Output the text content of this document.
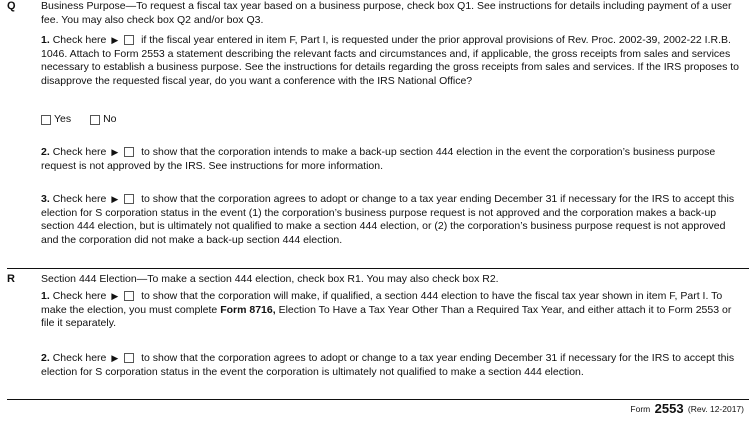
Q Business Purpose—To request a fiscal tax year based on a business purpose, check box Q1. See instructions for details including payment of a user fee. You may also check box Q2 and/or box Q3.
1. Check here ▶ if the fiscal year entered in item F, Part I, is requested under the prior approval provisions of Rev. Proc. 2002-39, 2002-22 I.R.B. 1046. Attach to Form 2553 a statement describing the relevant facts and circumstances and, if applicable, the gross receipts from sales and services necessary to establish a business purpose. See the instructions for details regarding the gross receipts from sales and services. If the IRS proposes to disapprove the requested fiscal year, do you want a conference with the IRS National Office?
Yes
	No
2. Check here ▶ to show that the corporation intends to make a back-up section 444 election in the event the corporation’s business purpose request is not approved by the IRS. See instructions for more information.
3. Check here ▶ to show that the corporation agrees to adopt or change to a tax year ending December 31 if necessary for the IRS to accept this election for S corporation status in the event (1) the corporation’s business purpose request is not approved and the corporation makes a back-up section 444 election, but is ultimately not qualified to make a section 444 election, or (2) the corporation’s business purpose request is not approved and the corporation did not make a back-up section 444 election.
R Section 444 Election—To make a section 444 election, check box R1. You may also check box R2.
1. Check here ▶ to show that the corporation will make, if qualified, a section 444 election to have the fiscal tax year shown in item F, Part I. To make the election, you must complete Form 8716, Election To Have a Tax Year Other Than a Required Tax Year, and either attach it to Form 2553 or file it separately.
2. Check here ▶ to show that the corporation agrees to adopt or change to a tax year ending December 31 if necessary for the IRS to accept this election for S corporation status in the event the corporation is ultimately not qualified to make a section 444 election.
Form 2553 (Rev. 12-2017)
